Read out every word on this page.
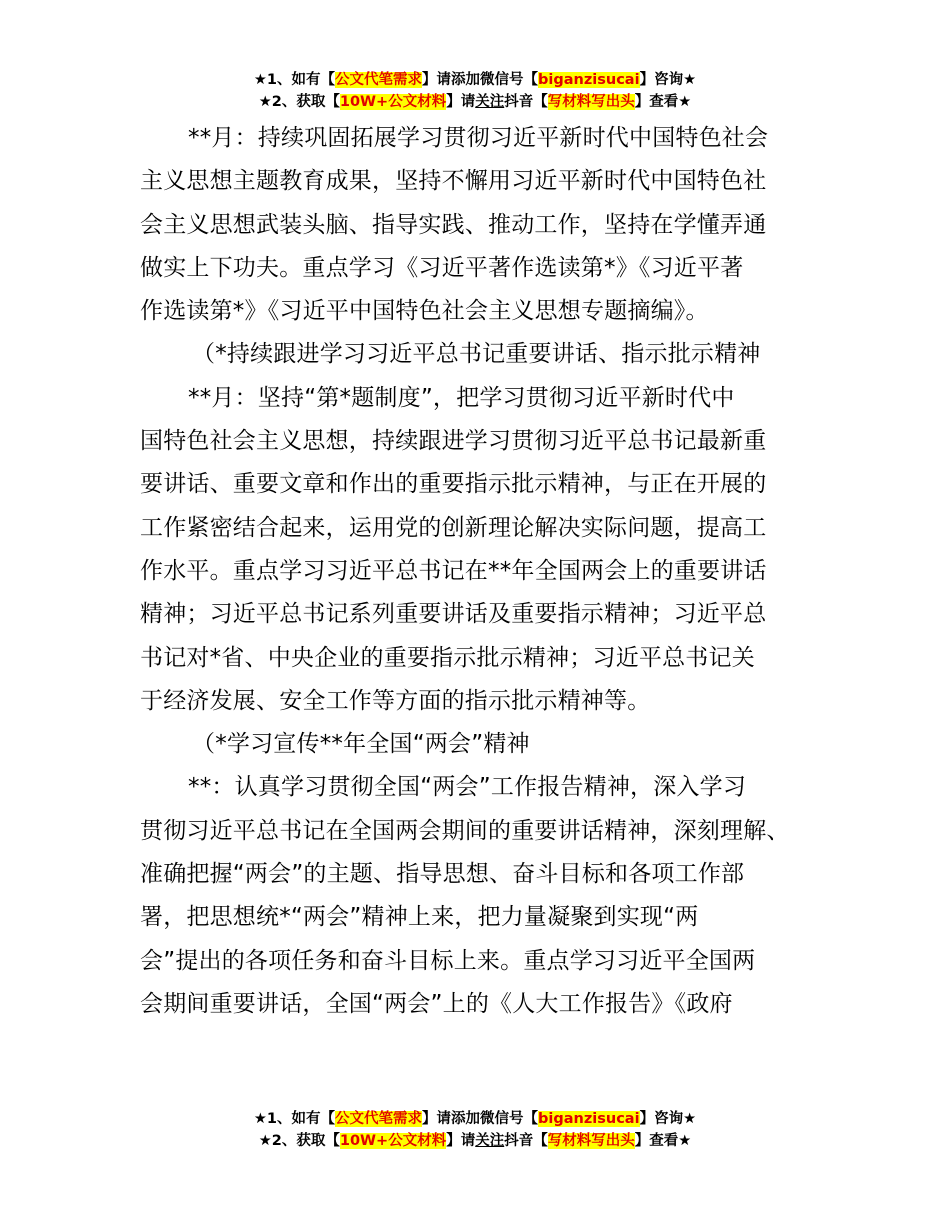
★1、如有【公文代笔需求】请添加微信号【biganzisucai】咨询★
★2、获取【10W+公文材料】请关注抖音【写材料写出头】查看★

**月：持续巩固拓展学习贯彻习近平新时代中国特色社会

主义思想主题教育成果，坚持不懈用习近平新时代中国特色社

会主义思想武装头脑、指导实践、推动工作，坚持在学懂弄通

做实上下功夫。重点学习《习近平著作选读第*》《习近平著

作选读第*》《习近平中国特色社会主义思想专题摘编》。

（*持续跟进学习习近平总书记重要讲话、指示批示精神

**月：坚持“第*题制度”，把学习贯彻习近平新时代中

国特色社会主义思想，持续跟进学习贯彻习近平总书记最新重

要讲话、重要文章和作出的重要指示批示精神，与正在开展的

工作紧密结合起来，运用党的创新理论解决实际问题，提高工

作水平。重点学习习近平总书记在**年全国两会上的重要讲话

精神；习近平总书记系列重要讲话及重要指示精神；习近平总

书记对*省、中央企业的重要指示批示精神；习近平总书记关

于经济发展、安全工作等方面的指示批示精神等。

（*学习宣传**年全国“两会”精神

**：认真学习贯彻全国“两会”工作报告精神，深入学习

贯彻习近平总书记在全国两会期间的重要讲话精神，深刻理解、

准确把握“两会”的主题、指导思想、奋斗目标和各项工作部

署，把思想统*“两会”精神上来，把力量凝聚到实现“两

会”提出的各项任务和奋斗目标上来。重点学习习近平全国两

会期间重要讲话，全国“两会”上的《人大工作报告》《政府

★1、如有【公文代笔需求】请添加微信号【biganzisucai】咨询★
★2、获取【10W+公文材料】请关注抖音【写材料写出头】查看★
